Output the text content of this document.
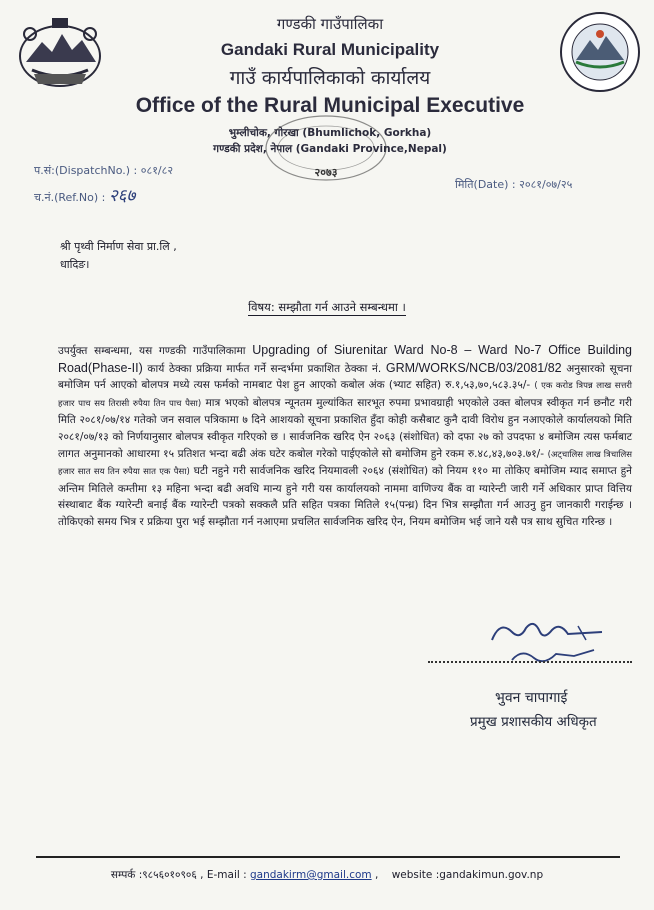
गण्डकी गाउँपालिका
Gandaki Rural Municipality
गाउँ कार्यपालिकाको कार्यालय
Office of the Rural Municipal Executive
भुम्लीचोक, गोरखा (Bhumlichok, Gorkha)
गण्डकी प्रदेश, नेपाल (Gandaki Province,Nepal)
२०७३
प.सं:(DispatchNo.) : ०८१/८२
च.नं.(Ref.No) : २६७
मिति(Date) : २०८१/०७/२५
श्री पृथ्वी निर्माण सेवा प्रा.लि ,
धादिङ।
विषय: सम्झौता गर्न आउने सम्बन्धमा ।
उपर्युक्त सम्बन्धमा, यस गण्डकी गाउँपालिकामा Upgrading of Siurenitar Ward No-8 – Ward No-7 Office Building Road(Phase-II) कार्य ठेक्का प्रक्रिया मार्फत गर्ने सन्दर्भमा प्रकाशित ठेक्का नं. GRM/WORKS/NCB/03/2081/82 अनुसारको सूचना बमोजिम पर्न आएको बोलपत्र मध्ये त्यस फर्मको नामबाट पेश हुन आएको कबोल अंक (भ्याट सहित) रु.१,५३,७०,५८३.३५/- ( एक करोड त्रिपन्न लाख सत्तरी हजार पाच सय तिरासी रुपैया तिन पाच पैसा) मात्र भएको बोलपत्र न्यूनतम मुल्यांकित सारभूत रुपमा प्रभावग्राही भएकोले उक्त बोलपत्र स्वीकृत गर्न छनौट गरी मिति २०८१/०७/१४ गतेको जन सवाल पत्रिकामा ७ दिने आशयको सूचना प्रकाशित हुँदा कोही कसैबाट कुनै दावी विरोध हुन नआएकोले कार्यालयको मिति २०८१/०७/१३ को निर्णयानुसार बोलपत्र स्वीकृत गरिएको छ । सार्वजनिक खरिद ऐन २०६३ (संशोधित) को दफा २७ को उपदफा ४ बमोजिम त्यस फर्मबाट लागत अनुमानको आधारमा १५ प्रतिशत भन्दा बढी अंक घटेर कबोल गरेको पाईएकोले सो बमोजिम हुने रकम रु.४८,४३,७०३.७१/- (अट्चालिस लाख त्रिचालिस हजार सात सय तिन रुपैया सात एक पैसा) घटी नहुने गरी सार्वजनिक खरिद नियमावली २०६४ (संशोधित) को नियम ११० मा तोकिए बमोजिम म्याद समाप्त हुने अन्तिम मितिले कम्तीमा १३ महिना भन्दा बढी अवधि मान्य हुने गरी यस कार्यालयको नाममा वाणिज्य बैंक वा ग्यारेन्टी जारी गर्ने अधिकार प्राप्त वित्तिय संस्थाबाट बैंक ग्यारेन्टी बनाई बैंक ग्यारेन्टी पत्रको सक्कलै प्रति सहित पत्रका मितिले १५(पन्ध्र) दिन भित्र सम्झौता गर्न आउनु हुन जानकारी गराईन्छ । तोकिएको समय भित्र र प्रक्रिया पुरा भई सम्झौता गर्न नआएमा प्रचलित सार्वजनिक खरिद ऐन, नियम बमोजिम भई जाने यसै पत्र साथ सुचित गरिन्छ ।
भुवन चापागाई
प्रमुख प्रशासकीय अधिकृत
सम्पर्क :९८५६०१०९०६ , E-mail : gandakirm@gmail.com , website :gandakimun.gov.np
